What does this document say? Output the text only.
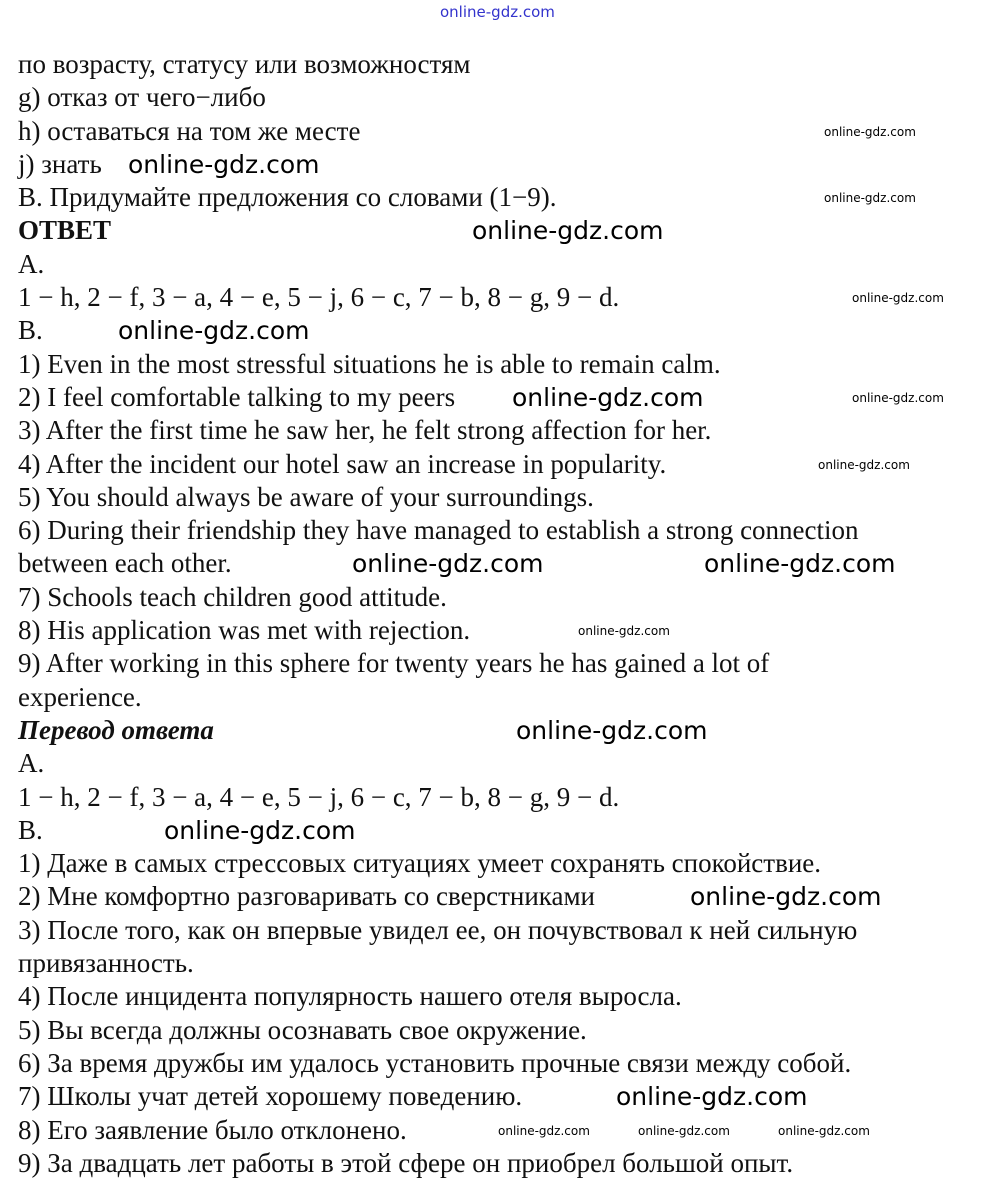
online-gdz.com
по возрасту, статусу или возможностям
g) отказ от чего−либо
h) оставаться на том же месте	online-gdz.com
j) знать online-gdz.com
B. Придумайте предложения со словами (1−9).	online-gdz.com
ОТВЕТ	online-gdz.com
A.
1 − h, 2 − f, 3 − a, 4 − e, 5 − j, 6 − c, 7 − b, 8 − g, 9 − d.	online-gdz.com
B.	online-gdz.com
1) Even in the most stressful situations he is able to remain calm.
2) I feel comfortable talking to my peers online-gdz.com	online-gdz.com
3) After the first time he saw her, he felt strong affection for her.
4) After the incident our hotel saw an increase in popularity.	online-gdz.com
5) You should always be aware of your surroundings.
6) During their friendship they have managed to establish a strong connection
between each other.	online-gdz.com	online-gdz.com
7) Schools teach children good attitude.
8) His application was met with rejection.	online-gdz.com
9) After working in this sphere for twenty years he has gained a lot of
experience.
Перевод ответа	online-gdz.com
A.
1 − h, 2 − f, 3 − a, 4 − e, 5 − j, 6 − c, 7 − b, 8 − g, 9 − d.
B.	online-gdz.com
1) Даже в самых стрессовых ситуациях умеет сохранять спокойствие.
2) Мне комфортно разговаривать со сверстниками	online-gdz.com
3) После того, как он впервые увидел ее, он почувствовал к ней сильную
привязанность.
4) После инцидента популярность нашего отеля выросла.
5) Вы всегда должны осознавать свое окружение.
6) За время дружбы им удалось установить прочные связи между собой.
7) Школы учат детей хорошему поведению.	online-gdz.com
8) Его заявление было отклонено.	online-gdz.com	online-gdz.com	online-gdz.com
9) За двадцать лет работы в этой сфере он приобрел большой опыт.
